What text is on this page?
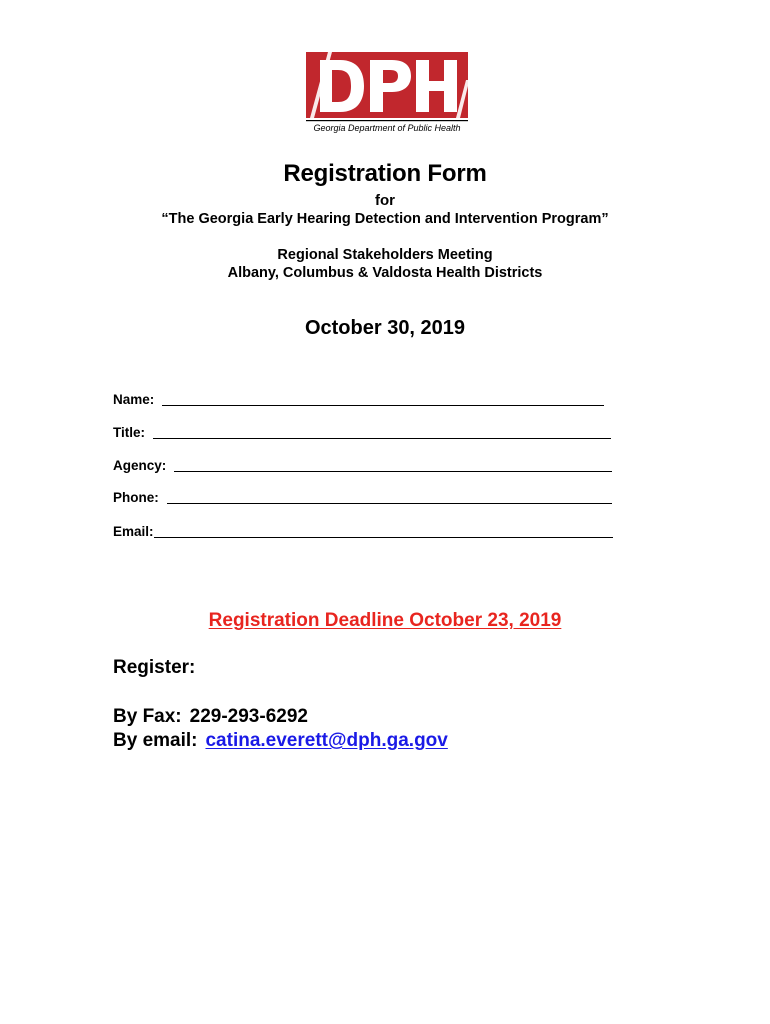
Georgia Department of Public Health
Registration Form
for
“The Georgia Early Hearing Detection and Intervention Program”
Regional Stakeholders Meeting
Albany, Columbus & Valdosta Health Districts
October 30, 2019
Name:
Title:
Agency:
Phone:
Email:
Registration Deadline October 23, 2019
Register:
By Fax: 229-293-6292
By email: catina.everett@dph.ga.gov
